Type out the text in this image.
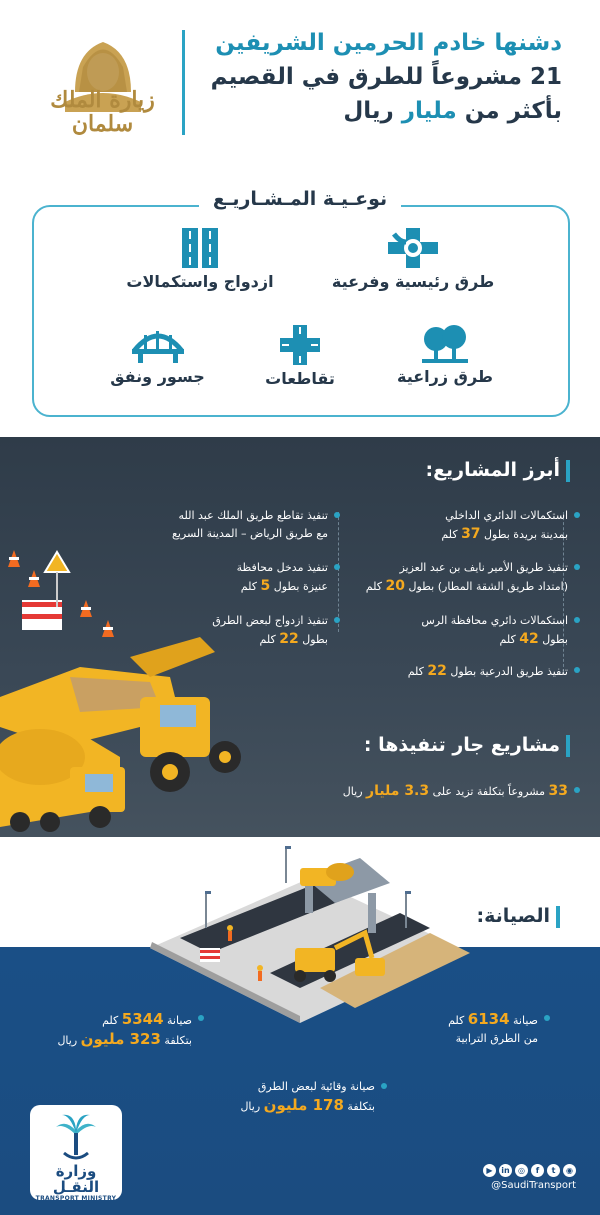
زيارة الملك
سلمان
دشنها خادم الحرمين الشريفين
21 مشروعاً للطرق في القصيم
بأكثر من مليار ريال
نوعـيـة المـشـاريـع
طرق رئيسية وفرعية
ازدواج واستكمالات
طرق زراعية
تقاطعات
جسور ونفق
أبرز المشاريع:
استكمالات الدائري الداخلي
بمدينة بريدة بطول 37 كلم
تنفيذ طريق الأمير نايف بن عبد العزيز
(امتداد طريق الشقة المطار) بطول 20 كلم
استكمالات دائري محافظة الرس
بطول 42 كلم
تنفيذ طريق الدرعية بطول 22 كلم
تنفيذ تقاطع طريق الملك عبد الله
مع طريق الرياض – المدينة السريع
تنفيذ مدخل محافظة
عنيزة بطول 5 كلم
تنفيذ ازدواج لبعض الطرق
بطول 22 كلم
مشاريع جار تنفيذها :
33 مشروعاً بتكلفة تزيد على 3.3 مليار ريال
الصيانة:
صيانة 6134 كلم
من الطرق الترابية
صيانة 5344 كلم
بتكلفة 323 مليون ريال
صيانة وقائية لبعض الطرق
بتكلفة 178 مليون ريال
وزارة النقـل
TRANSPORT MINISTRY
▶ in ◎ f t ◉
@SaudiTransport
